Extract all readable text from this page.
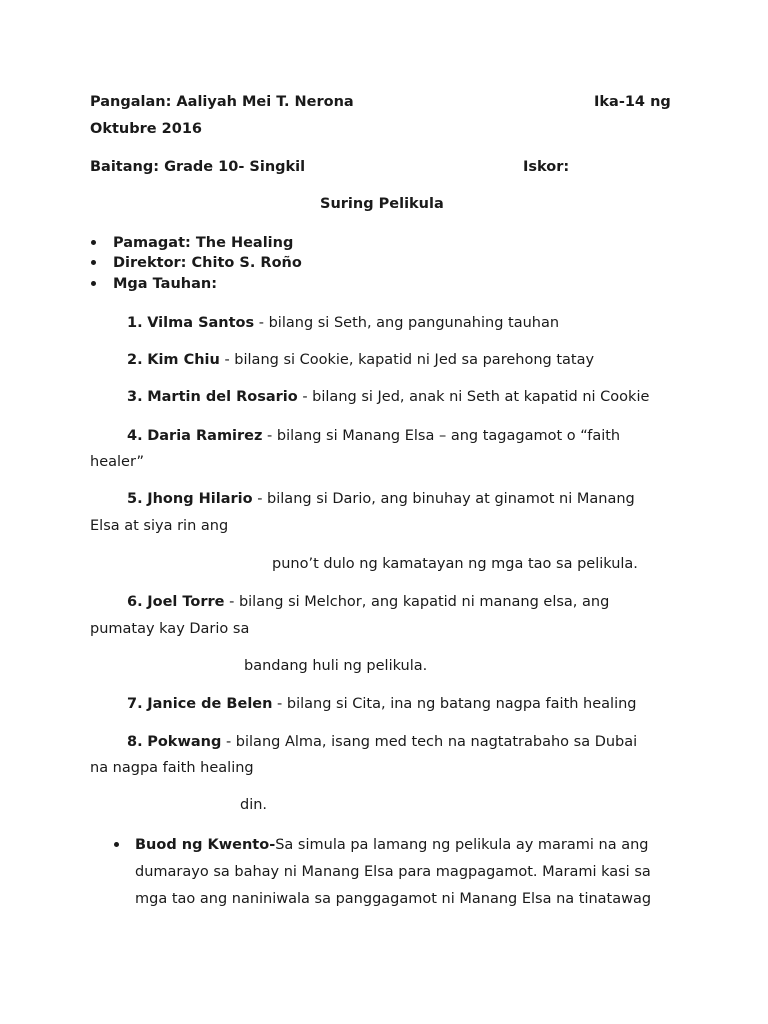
Pangalan: Aaliyah Mei T. Nerona	Ika-14 ng
Oktubre 2016
Baitang: Grade 10- Singkil	Iskor:
Suring Pelikula
Pamagat: The Healing
Direktor: Chito S. Roño
Mga Tauhan:
1. Vilma Santos - bilang si Seth, ang pangunahing tauhan
2. Kim Chiu - bilang si Cookie, kapatid ni Jed sa parehong tatay
3. Martin del Rosario - bilang si Jed, anak ni Seth at kapatid ni Cookie
4. Daria Ramirez - bilang si Manang Elsa – ang tagagamot o “faith
healer”
5. Jhong Hilario - bilang si Dario, ang binuhay at ginamot ni Manang
Elsa at siya rin ang
puno’t dulo ng kamatayan ng mga tao sa pelikula.
6. Joel Torre - bilang si Melchor, ang kapatid ni manang elsa, ang
pumatay kay Dario sa
bandang huli ng pelikula.
7. Janice de Belen - bilang si Cita, ina ng batang nagpa faith healing
8. Pokwang - bilang Alma, isang med tech na nagtatrabaho sa Dubai
na nagpa faith healing
din.
Buod ng Kwento-Sa simula pa lamang ng pelikula ay marami na ang
dumarayo sa bahay ni Manang Elsa para magpagamot. Marami kasi sa
mga tao ang naniniwala sa panggagamot ni Manang Elsa na tinatawag
